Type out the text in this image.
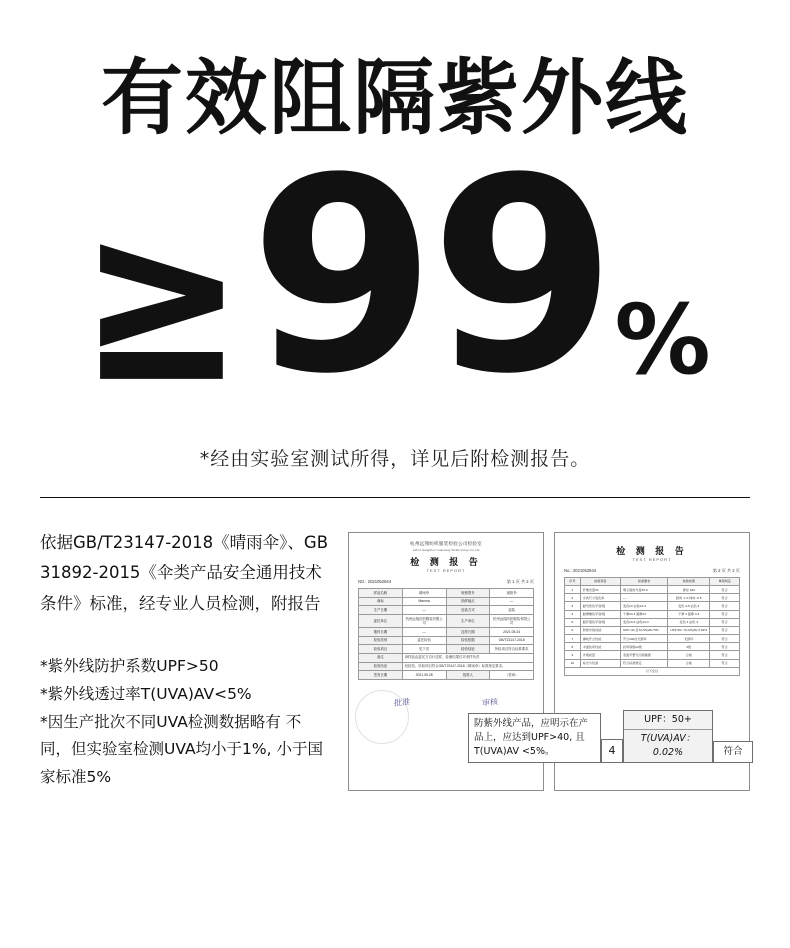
有效阻隔紫外线
≥ 99 %
*经由实验室测试所得，详见后附检测报告。
依据GB/T23147-2018《晴雨伞》、GB 31892-2015《伞类产品安全通用技术条件》标准，经专业人员检测，附报告
*紫外线防护系数UPF>50
*紫外线透过率T(UVA)AV<5%
*因生产批次不同UVA检测数据略有 不同，但实验室检测UVA均小于1%, 小于国家标准5%
杭州远翔纺织服装检验公司检验室
Lab of Hangzhou Yuanxiang Textile Group Co.,Ltd
检 测 报 告
TEST REPORT
NO.: 2021052844	第 1 页 共 2 页
样品名称	晴雨伞	规格型号	遮阳伞
商标	Manma	抽样地点	—
生产日期	—	包装方式	袋装
委托单位	杭州远翔纺织服装有限公司	生产单位	杭州远翔纺织服装有限公司
抽样日期	—	送样日期	2021.05.24
检验类别	委托检验	检验依据	GB/T23147-2018
检验项目	见下页	检验结论	所检项目符合标准要求
备注	该样品由委托方自行送样，检测结果仅对来样负责		
检验结论	经检验，所检项目符合GB/T23147-2018《晴雨伞》标准规定要求。		
签发日期	2021.05.28	批准人	（签章）
批准	审核
检 测 报 告
TEST REPORT
No.: 2021052844	第 2 页 共 2 页
序号	检验项目	标准要求	检验结果	单项判定
1	纤维含量/%	明示值的允差±5.0	涤纶 100	符合
2	水洗尺寸变化率	—	经向 -1.0 纬向 -0.5	符合
3	耐皂洗色牢度/级	变色≥4 沾色≥3-4	变色 4-5 沾色 4	符合
4	耐摩擦色牢度/级	干摩≥3-4 湿摩≥3	干摩 4 湿摩 3-4	符合
5	耐汗渍色牢度/级	变色≥3-4 沾色≥3-4	变色 4 沾色 4	符合
6	防紫外线性能	UPF>40 且T(UVA)AV<5%	UPF 50+ T(UVA)AV 0.02%	符合
7	撑收开合性能	开合100次无损坏	无损坏	符合
8	伞面抗风性能	抗风等级≥2级	2级	符合
9	外观质量	表面平整无污渍破损	合格	符合
10	标志与包装	符合标准规定	合格	符合
以下空白				
防紫外线产品，应明示在产品上，应达到UPF>40, 且T(UVA)AV <5%。	4
UPF：50+
T(UVA)AV：0.02%	符合
